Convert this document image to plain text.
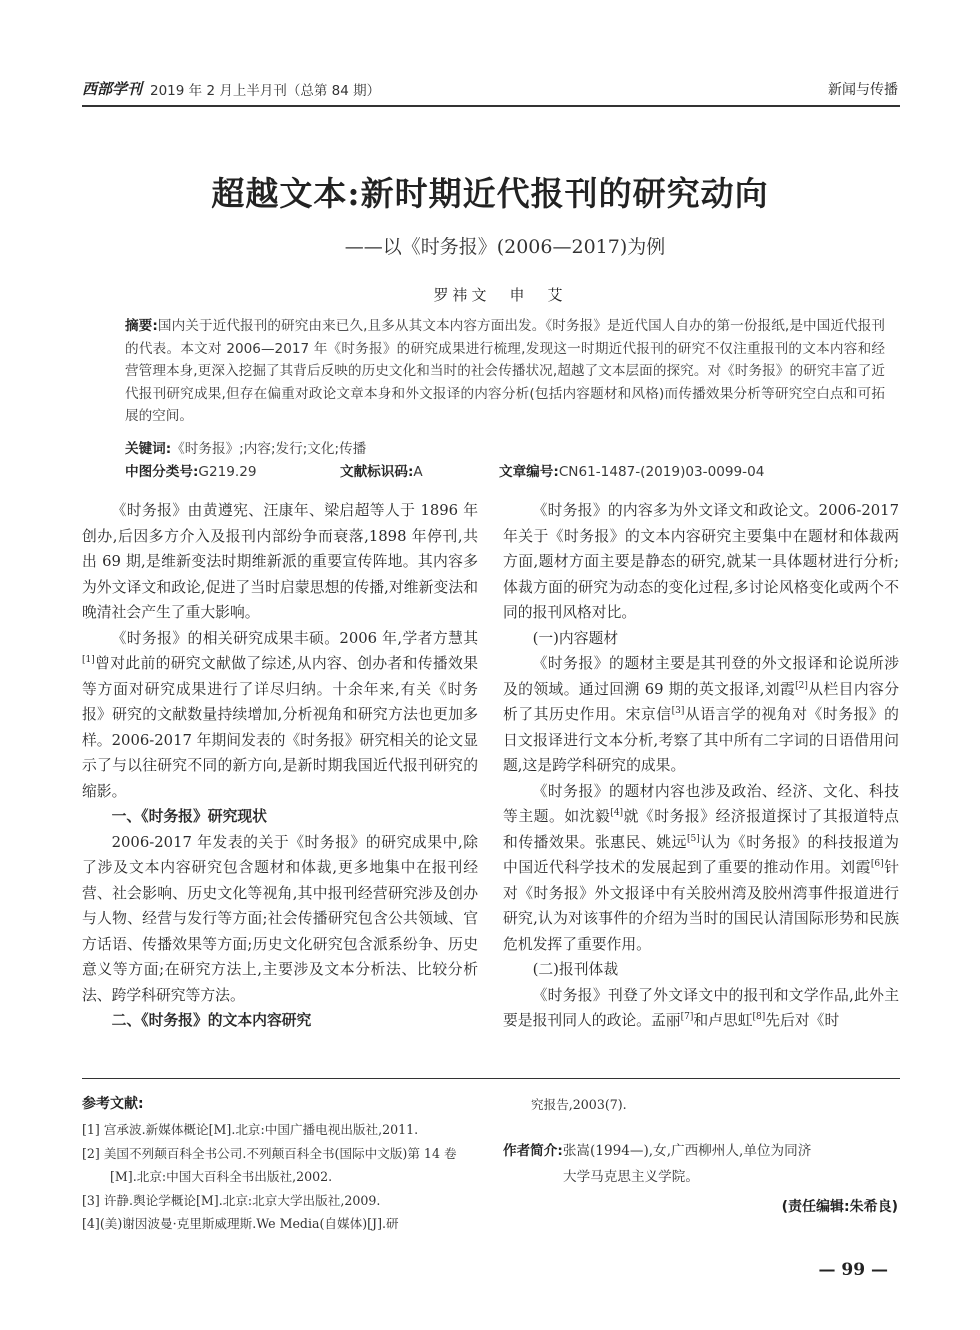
西部学刊 2019 年 2 月上半月刊（总第 84 期）	新闻与传播
超越文本:新时期近代报刊的研究动向
——以《时务报》(2006—2017)为例
罗祎文　申　艾
摘要:国内关于近代报刊的研究由来已久,且多从其文本内容方面出发。《时务报》是近代国人自办的第一份报纸,是中国近代报刊的代表。本文对 2006—2017 年《时务报》的研究成果进行梳理,发现这一时期近代报刊的研究不仅注重报刊的文本内容和经营管理本身,更深入挖掘了其背后反映的历史文化和当时的社会传播状况,超越了文本层面的探究。对《时务报》的研究丰富了近代报刊研究成果,但存在偏重对政论文章本身和外文报译的内容分析(包括内容题材和风格)而传播效果分析等研究空白点和可拓展的空间。
关键词:《时务报》;内容;发行;文化;传播
中图分类号:G219.29	文献标识码:A	文章编号:CN61-1487-(2019)03-0099-04

《时务报》由黄遵宪、汪康年、梁启超等人于 1896 年创办,后因多方介入及报刊内部纷争而衰落,1898 年停刊,共出 69 期,是维新变法时期维新派的重要宣传阵地。其内容多为外文译文和政论,促进了当时启蒙思想的传播,对维新变法和晚清社会产生了重大影响。

《时务报》的相关研究成果丰硕。2006 年,学者方慧其[1]曾对此前的研究文献做了综述,从内容、创办者和传播效果等方面对研究成果进行了详尽归纳。十余年来,有关《时务报》研究的文献数量持续增加,分析视角和研究方法也更加多样。2006-2017 年期间发表的《时务报》研究相关的论文显示了与以往研究不同的新方向,是新时期我国近代报刊研究的缩影。

一、《时务报》研究现状

2006-2017 年发表的关于《时务报》的研究成果中,除了涉及文本内容研究包含题材和体裁,更多地集中在报刊经营、社会影响、历史文化等视角,其中报刊经营研究涉及创办与人物、经营与发行等方面;社会传播研究包含公共领域、官方话语、传播效果等方面;历史文化研究包含派系纷争、历史意义等方面;在研究方法上,主要涉及文本分析法、比较分析法、跨学科研究等方法。

二、《时务报》的文本内容研究

《时务报》的内容多为外文译文和政论文。2006-2017 年关于《时务报》的文本内容研究主要集中在题材和体裁两方面,题材方面主要是静态的研究,就某一具体题材进行分析;体裁方面的研究为动态的变化过程,多讨论风格变化或两个不同的报刊风格对比。

(一)内容题材

《时务报》的题材主要是其刊登的外文报译和论说所涉及的领域。通过回溯 69 期的英文报译,刘霞[2]从栏目内容分析了其历史作用。宋京信[3]从语言学的视角对《时务报》的日文报译进行文本分析,考察了其中所有二字词的日语借用问题,这是跨学科研究的成果。

《时务报》的题材内容也涉及政治、经济、文化、科技等主题。如沈毅[4]就《时务报》经济报道探讨了其报道特点和传播效果。张惠民、姚远[5]认为《时务报》的科技报道为中国近代科学技术的发展起到了重要的推动作用。刘霞[6]针对《时务报》外文报译中有关胶州湾及胶州湾事件报道进行研究,认为对该事件的介绍为当时的国民认清国际形势和民族危机发挥了重要作用。

(二)报刊体裁

《时务报》刊登了外文译文中的报刊和文学作品,此外主要是报刊同人的政论。孟丽[7]和卢思虹[8]先后对《时

参考文献:
[1] 宫承波.新媒体概论[M].北京:中国广播电视出版社,2011.
[2] 美国不列颠百科全书公司.不列颠百科全书(国际中文版)第 14 卷[M].北京:中国大百科全书出版社,2002.
[3] 许静.舆论学概论[M].北京:北京大学出版社,2009.
[4](美)谢因波曼·克里斯威理斯.We Media(自媒体)[J].研
究报告,2003(7).
作者简介:张嵩(1994—),女,广西柳州人,单位为同济
大学马克思主义学院。
(责任编辑:朱希良)
— 99 —
